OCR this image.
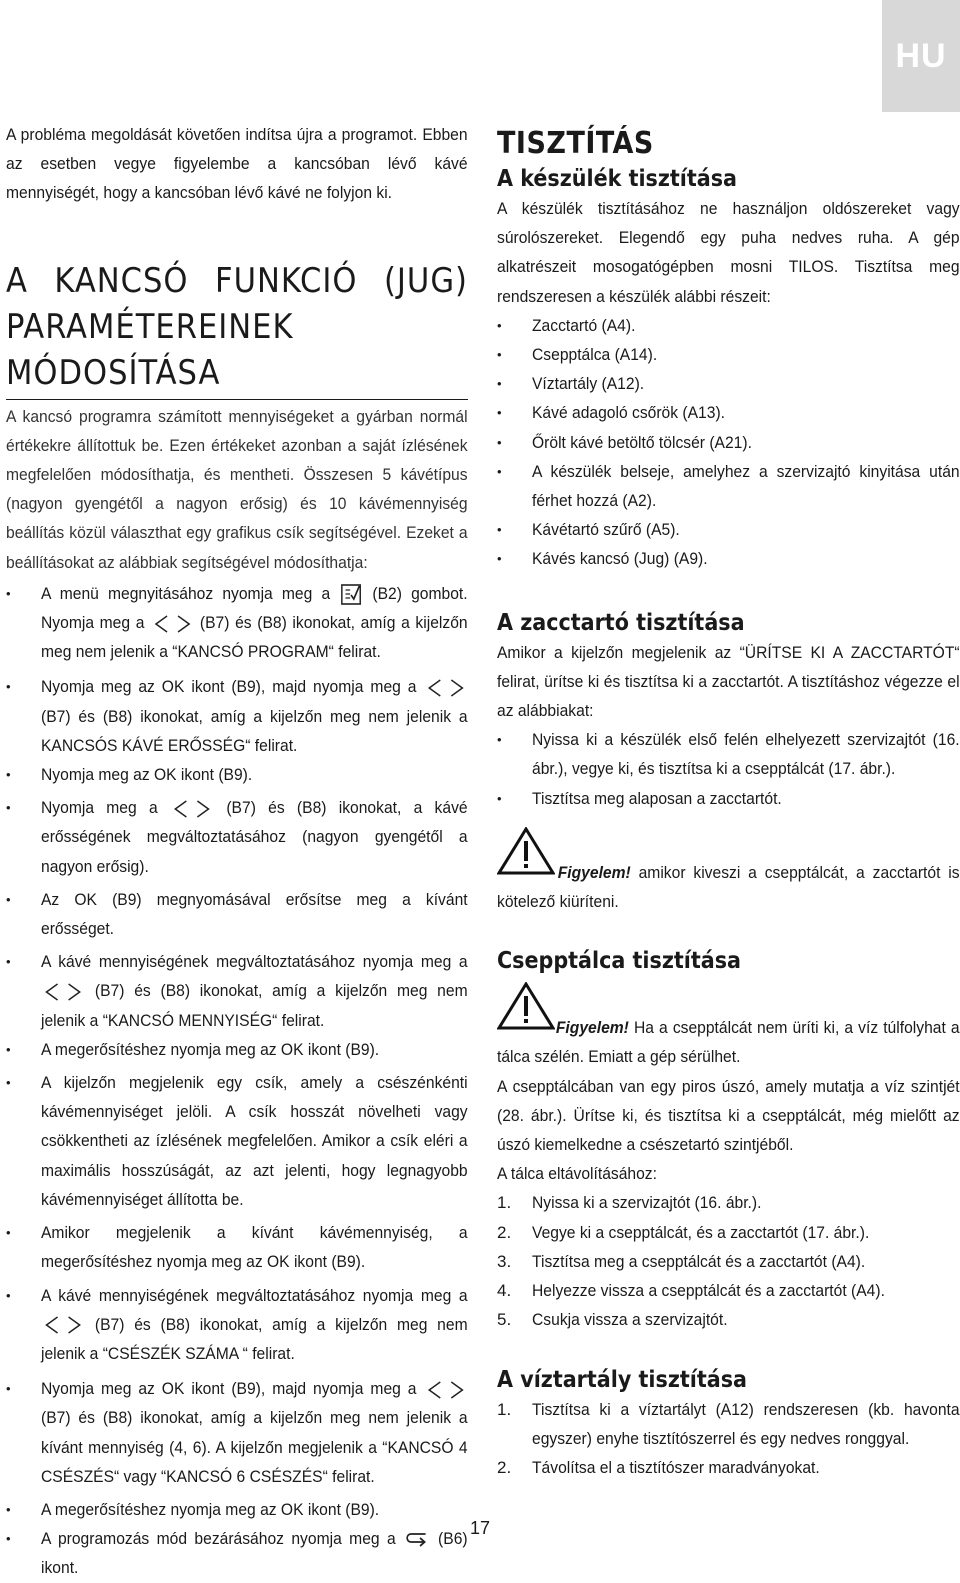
HU

A probléma megoldását követően indítsa újra a programot. Ebben az esetben vegye figyelembe a kancsóban lévő kávé mennyiségét, hogy a kancsóban lévő kávé ne folyjon ki.

A KANCSÓ FUNKCIÓ (JUG)
PARAMÉTEREINEK MÓDOSÍTÁSA

A kancsó programra számított mennyiségeket a gyárban normál értékekre állítottuk be. Ezen értékeket azonban a saját ízlésének megfelelően módosíthatja, és mentheti. Összesen 5 kávétípus (nagyon gyengétől a nagyon erősig) és 10 kávémennyiség beállítás közül választhat egy grafikus csík segítségével. Ezeket a beállításokat az alábbiak segítségével módosíthatja:

• A menü megnyitásához nyomja meg a (B2) gombot. Nyomja meg a	(B7) és (B8) ikonokat, amíg a kijelzőn meg nem jelenik a “KANCSÓ PROGRAM“ felirat.

• Nyomja meg az OK ikont (B9), majd nyomja meg a  (B7) és (B8) ikonokat, amíg a kijelzőn meg nem jelenik a KANCSÓS KÁVÉ ERŐSSÉG“ felirat.

• Nyomja meg az OK ikont (B9).

• Nyomja meg a	(B7) és (B8) ikonokat, a kávé erősségének megváltoztatásához (nagyon gyengétől a nagyon erősig).

• Az OK (B9) megnyomásával erősítse meg a kívánt erősséget.

• A kávé mennyiségének megváltoztatásához nyomja meg a  (B7) és (B8) ikonokat, amíg a kijelzőn meg nem jelenik a “KANCSÓ MENNYISÉG“ felirat.

• A megerősítéshez nyomja meg az OK ikont (B9).

• A kijelzőn megjelenik egy csík, amely a csészénkénti kávémennyiséget jelöli. A csík hosszát növelheti vagy csökkentheti az ízlésének megfelelően. Amikor a csík eléri a maximális hosszúságát, az azt jelenti, hogy legnagyobb kávémennyiséget állította be.

• Amikor megjelenik a kívánt kávémennyiség, a megerősítéshez nyomja meg az OK ikont (B9).

• A kávé mennyiségének megváltoztatásához nyomja meg a  (B7) és (B8) ikonokat, amíg a kijelzőn meg nem jelenik a “CSÉSZÉK SZÁMA “ felirat.

• Nyomja meg az OK ikont (B9), majd nyomja meg a  (B7) és (B8) ikonokat, amíg a kijelzőn meg nem jelenik a kívánt mennyiség (4, 6). A kijelzőn megjelenik a “KANCSÓ 4 CSÉSZÉS“ vagy “KANCSÓ 6 CSÉSZÉS“ felirat.

• A megerősítéshez nyomja meg az OK ikont (B9).

• A programozás mód bezárásához nyomja meg a (B6) ikont.

TISZTÍTÁS
A készülék tisztítása

A készülék tisztításához ne használjon oldószereket vagy súrolószereket. Elegendő egy puha nedves ruha. A gép alkatrészeit mosogatógépben mosni TILOS. Tisztítsa meg rendszeresen a készülék alábbi részeit:

• Zacctartó (A4).

• Csepptálca (A14).

• Víztartály (A12).

• Kávé adagoló csőrök (A13).

• Őrölt kávé betöltő tölcsér (A21).

• A készülék belseje, amelyhez a szervizajtó kinyitása után férhet hozzá (A2).

• Kávétartó szűrő (A5).

• Kávés kancsó (Jug) (A9).

A zacctartó tisztítása

Amikor a kijelzőn megjelenik az “ÜRÍTSE KI A ZACCTARTÓT“ felirat, ürítse ki és tisztítsa ki a zacctartót. A tisztításhoz végezze el az alábbiakat:

• Nyissa ki a készülék első felén elhelyezett szervizajtót (16. ábr.), vegye ki, és tisztítsa ki a csepptálcát (17. ábr.).

• Tisztítsa meg alaposan a zacctartót.

Figyelem! amikor kiveszi a csepptálcát, a zacctartót is kötelező kiüríteni.

Csepptálca tisztítása

Figyelem! Ha a csepptálcát nem üríti ki, a víz túlfolyhat a tálca szélén. Emiatt a gép sérülhet.

A csepptálcában van egy piros úszó, amely mutatja a víz szintjét (28. ábr.). Ürítse ki, és tisztítsa ki a csepptálcát, még mielőtt az úszó kiemelkedne a csészetartó szintjéből.

A tálca eltávolításához:

1. Nyissa ki a szervizajtót (16. ábr.).

2. Vegye ki a csepptálcát, és a zacctartót (17. ábr.).

3. Tisztítsa meg a csepptálcát és a zacctartót (A4).

4. Helyezze vissza a csepptálcát és a zacctartót (A4).

5. Csukja vissza a szervizajtót.

A víztartály tisztítása

1. Tisztítsa ki a víztartályt (A12) rendszeresen (kb. havonta egyszer) enyhe tisztítószerrel és egy nedves ronggyal.

2. Távolítsa el a tisztítószer maradványokat.

17
